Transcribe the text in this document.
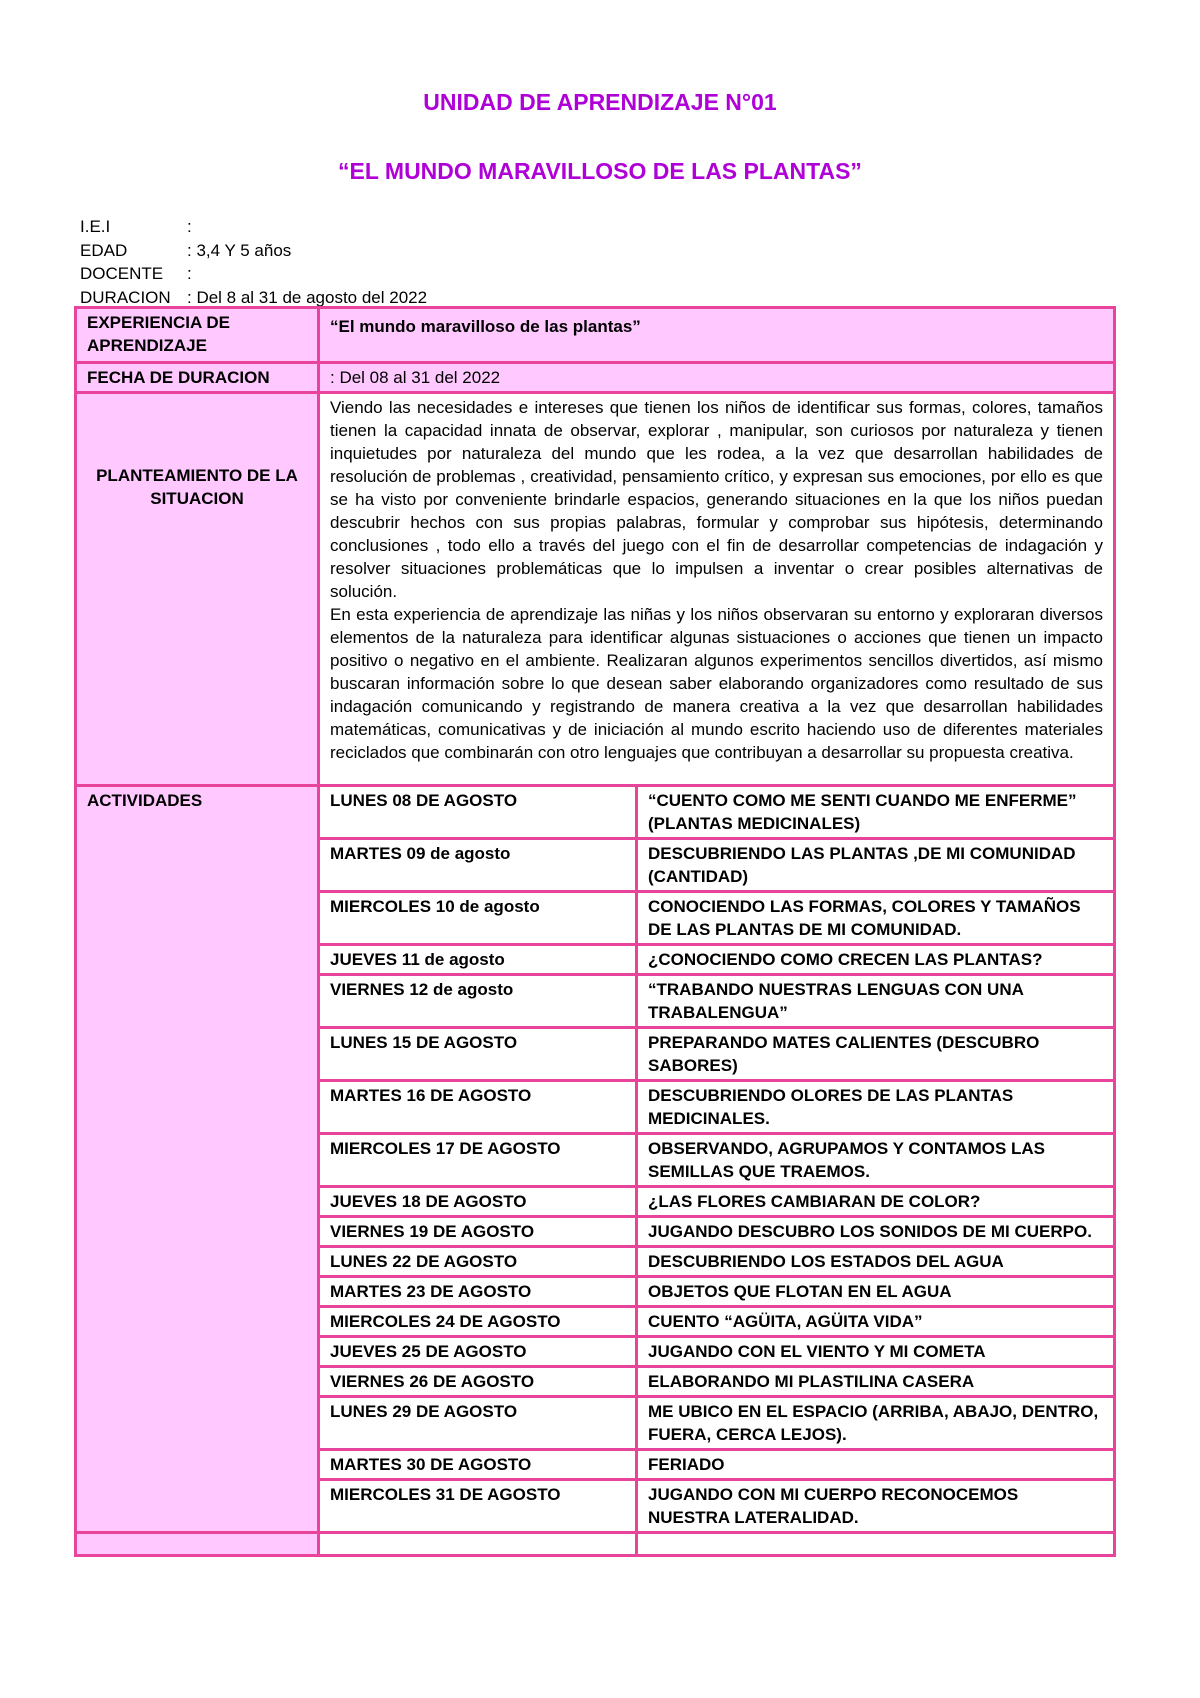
UNIDAD DE APRENDIZAJE N°01
“EL MUNDO MARAVILLOSO DE LAS PLANTAS”
I.E.I	:
EDAD	: 3,4 Y 5 años
DOCENTE	:
DURACION : Del 8 al 31 de agosto del 2022
EXPERIENCIA DE APRENDIZAJE	“El mundo maravilloso de las plantas”	
FECHA DE DURACION	: Del 08 al 31 del 2022	
PLANTEAMIENTO DE LA SITUACION	Viendo las necesidades e intereses que tienen los niños de identificar sus formas, colores, tamaños tienen la capacidad innata de observar, explorar , manipular, son curiosos por naturaleza y tienen inquietudes por naturaleza del mundo que les rodea, a la vez que desarrollan habilidades de resolución de problemas , creatividad, pensamiento crítico, y expresan sus emociones, por ello es que se ha visto por conveniente brindarle espacios, generando situaciones en la que los niños puedan descubrir hechos con sus propias palabras, formular y comprobar sus hipótesis, determinando conclusiones , todo ello a través del juego con el fin de desarrollar competencias de indagación y resolver situaciones problemáticas que lo impulsen a inventar o crear posibles alternativas de solución.

En esta experiencia de aprendizaje las niñas y los niños observaran su entorno y exploraran diversos elementos de la naturaleza para identificar algunas sistuaciones o acciones que tienen un impacto positivo o negativo en el ambiente. Realizaran algunos experimentos sencillos divertidos, así mismo buscaran información sobre lo que desean saber elaborando organizadores como resultado de sus indagación comunicando y registrando de manera creativa a la vez que desarrollan habilidades matemáticas, comunicativas y de iniciación al mundo escrito haciendo uso de diferentes materiales reciclados que combinarán con otro lenguajes que contribuyan a desarrollar su propuesta creativa.	

ACTIVIDADES	LUNES 08 DE AGOSTO	“CUENTO COMO ME SENTI CUANDO ME ENFERME” (PLANTAS MEDICINALES)
	MARTES 09 de agosto	DESCUBRIENDO LAS PLANTAS ,DE MI COMUNIDAD (CANTIDAD)
	MIERCOLES 10 de agosto	CONOCIENDO LAS FORMAS, COLORES Y TAMAÑOS DE LAS PLANTAS DE MI COMUNIDAD.
	JUEVES 11 de agosto	¿CONOCIENDO COMO CRECEN LAS PLANTAS?
	VIERNES 12 de agosto	“TRABANDO NUESTRAS LENGUAS CON UNA TRABALENGUA”
	LUNES 15 DE AGOSTO	PREPARANDO MATES CALIENTES (DESCUBRO SABORES)
	MARTES 16 DE AGOSTO	DESCUBRIENDO OLORES DE LAS PLANTAS MEDICINALES.
	MIERCOLES 17 DE AGOSTO	OBSERVANDO, AGRUPAMOS Y CONTAMOS LAS SEMILLAS QUE TRAEMOS.
	JUEVES 18 DE AGOSTO	¿LAS FLORES CAMBIARAN DE COLOR?
	VIERNES 19 DE AGOSTO	JUGANDO DESCUBRO LOS SONIDOS DE MI CUERPO.
	LUNES 22 DE AGOSTO	DESCUBRIENDO LOS ESTADOS DEL AGUA
	MARTES 23 DE AGOSTO	OBJETOS QUE FLOTAN EN EL AGUA
	MIERCOLES 24 DE AGOSTO	CUENTO “AGÜITA, AGÜITA VIDA”
	JUEVES 25 DE AGOSTO	JUGANDO CON EL VIENTO Y MI COMETA
	VIERNES 26 DE AGOSTO	ELABORANDO MI PLASTILINA CASERA
	LUNES 29 DE AGOSTO	ME UBICO EN EL ESPACIO (ARRIBA, ABAJO, DENTRO, FUERA, CERCA LEJOS).
	MARTES 30 DE AGOSTO	FERIADO
	MIERCOLES 31 DE AGOSTO	JUGANDO CON MI CUERPO RECONOCEMOS NUESTRA LATERALIDAD.
